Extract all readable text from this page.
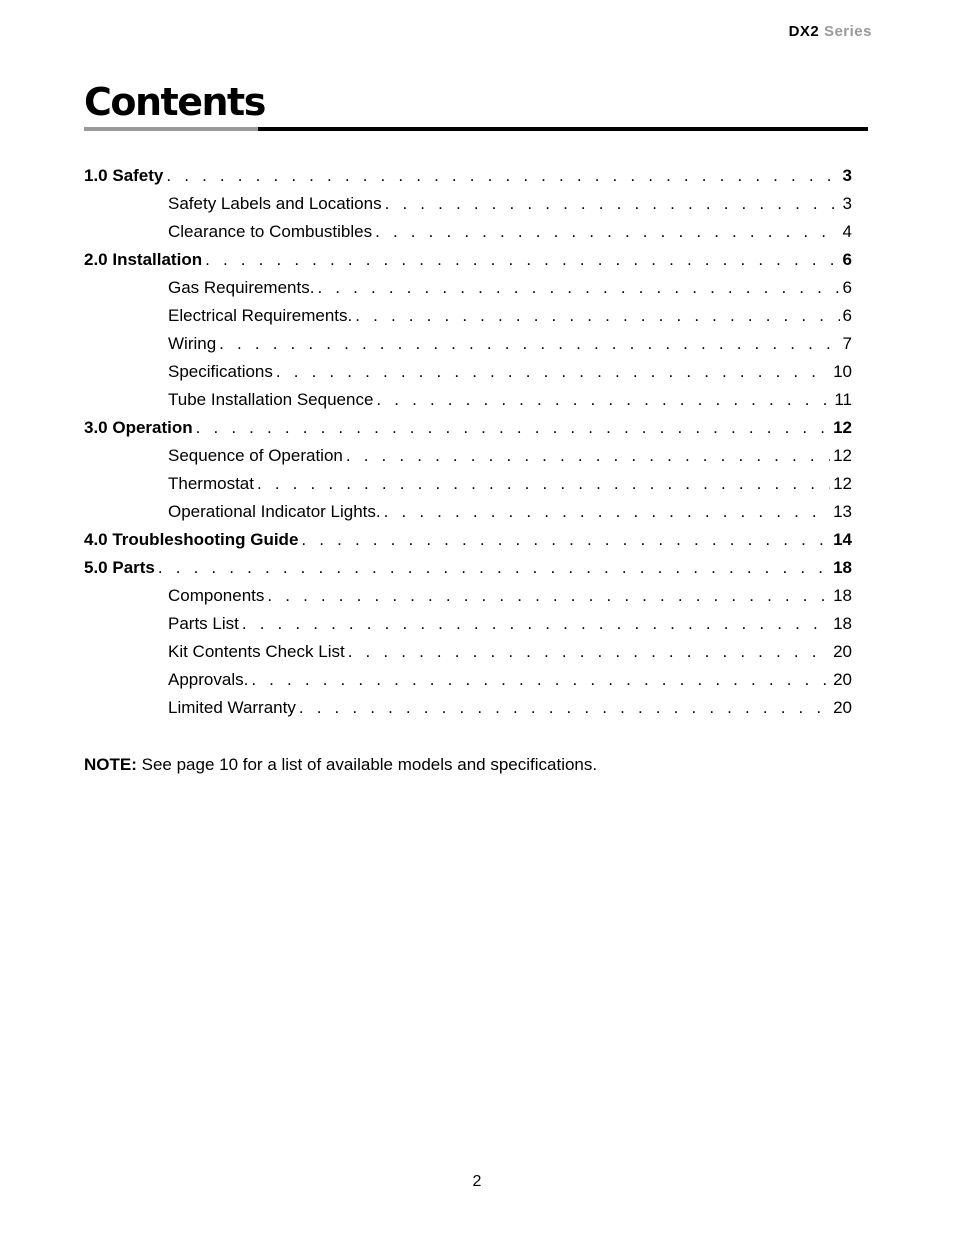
DX2 Series
Contents
1.0 Safety . . .	3
Safety Labels and Locations . . .	3
Clearance to Combustibles . . .	4
2.0 Installation . . .	6
Gas Requirements. . . .	6
Electrical Requirements. . . .	6
Wiring . . .	7
Specifications . . .	10
Tube Installation Sequence . . .	11
3.0 Operation . . .	12
Sequence of Operation . . .	12
Thermostat . . .	12
Operational Indicator Lights. . . .	13
4.0 Troubleshooting Guide . . .	14
5.0 Parts . . .	18
Components . . .	18
Parts List . . .	18
Kit Contents Check List . . .	20
Approvals. . . .	20
Limited Warranty . . .	20

NOTE: See page 10 for a list of available models and specifications.

2
